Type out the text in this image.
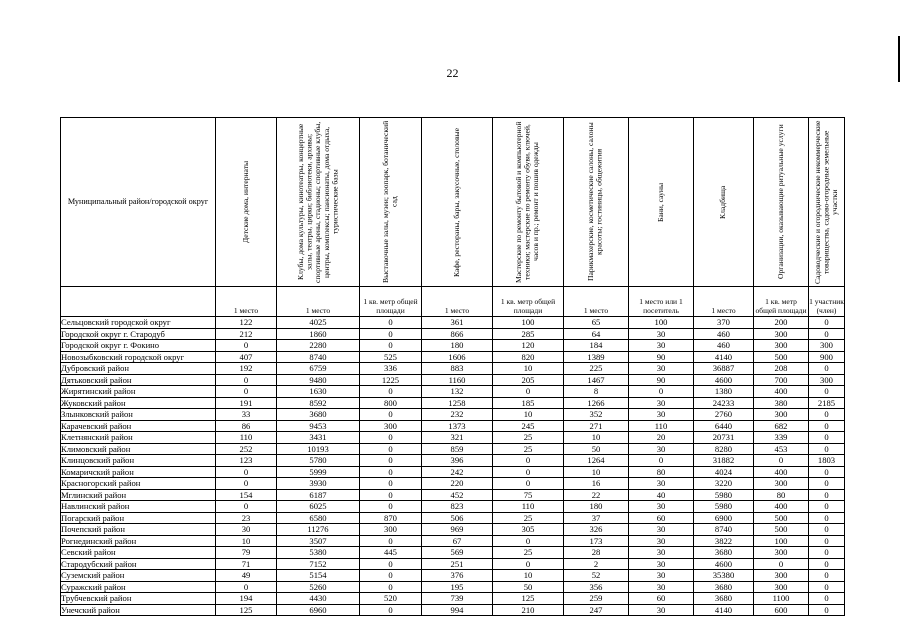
22
Муниципальный район/городской округ	Детские дома, интернаты	Клубы, дома культуры, кинотеатры, концертные залы, театры, цирки; библиотеки, архивы; спортивные арены, стадионы; спортивные клубы, центры, комплексы; пансионаты, дома отдыха, туристические базы	Выставочные залы, музеи; зоопарк, ботанический сад	Кафе, рестораны, бары, закусочные, столовые	Мастерские по ремонту бытовой и компьютерной техники; мастерские по ремонту обуви, ключей, часов и пр.; ремонт и пошив одежды	Парикмахерские, косметические салоны, салоны красоты; гостиницы, общежития	Бани, сауны	Кладбища	Организации, оказывающие ритуальные услуги	Садоводческие и огороднические некоммерческие товарищества, садово-огородные земельные участки

	1 место	1 место	1 кв. метр общей площади	1 место	1 кв. метр общей площади	1 место	1 место или 1 посетитель	1 место	1 кв. метр общей площади	1 участник (член)
Сельцовский городской округ	122	4025	0	361	100	65	100	370	200	0
Городской округ г. Стародуб	212	1860	0	866	285	64	30	460	300	0
Городской округ г. Фокино	0	2280	0	180	120	184	30	460	300	300
Новозыбковский городской округ	407	8740	525	1606	820	1389	90	4140	500	900
Дубровский район	192	6759	336	883	10	225	30	36887	208	0
Дятьковский район	0	9480	1225	1160	205	1467	90	4600	700	300
Жирятинский район	0	1630	0	132	0	8	0	1380	400	0
Жуковский район	191	8592	800	1258	185	1266	30	24233	380	2185
Злынковский район	33	3680	0	232	10	352	30	2760	300	0
Карачевский район	86	9453	300	1373	245	271	110	6440	682	0
Клетнянский район	110	3431	0	321	25	10	20	20731	339	0
Климовский район	252	10193	0	859	25	50	30	8280	453	0
Клинцовский район	123	5780	0	396	0	1264	0	31882	0	1803
Комаричский район	0	5999	0	242	0	10	80	4024	400	0
Красногорский район	0	3930	0	220	0	16	30	3220	300	0
Мглинский район	154	6187	0	452	75	22	40	5980	80	0
Навлинский район	0	6025	0	823	110	180	30	5980	400	0
Погарский район	23	6580	870	506	25	37	60	6900	500	0
Почепский район	30	11276	300	969	305	326	30	8740	500	0
Рогнединский район	10	3507	0	67	0	173	30	3822	100	0
Севский район	79	5380	445	569	25	28	30	3680	300	0
Стародубский район	71	7152	0	251	0	2	30	4600	0	0
Суземский район	49	5154	0	376	10	52	30	35380	300	0
Суражский район	0	5260	0	195	50	356	30	3680	300	0
Трубчевский район	194	4430	520	739	125	259	60	3680	1100	0
Унечский район	125	6960	0	994	210	247	30	4140	600	0
